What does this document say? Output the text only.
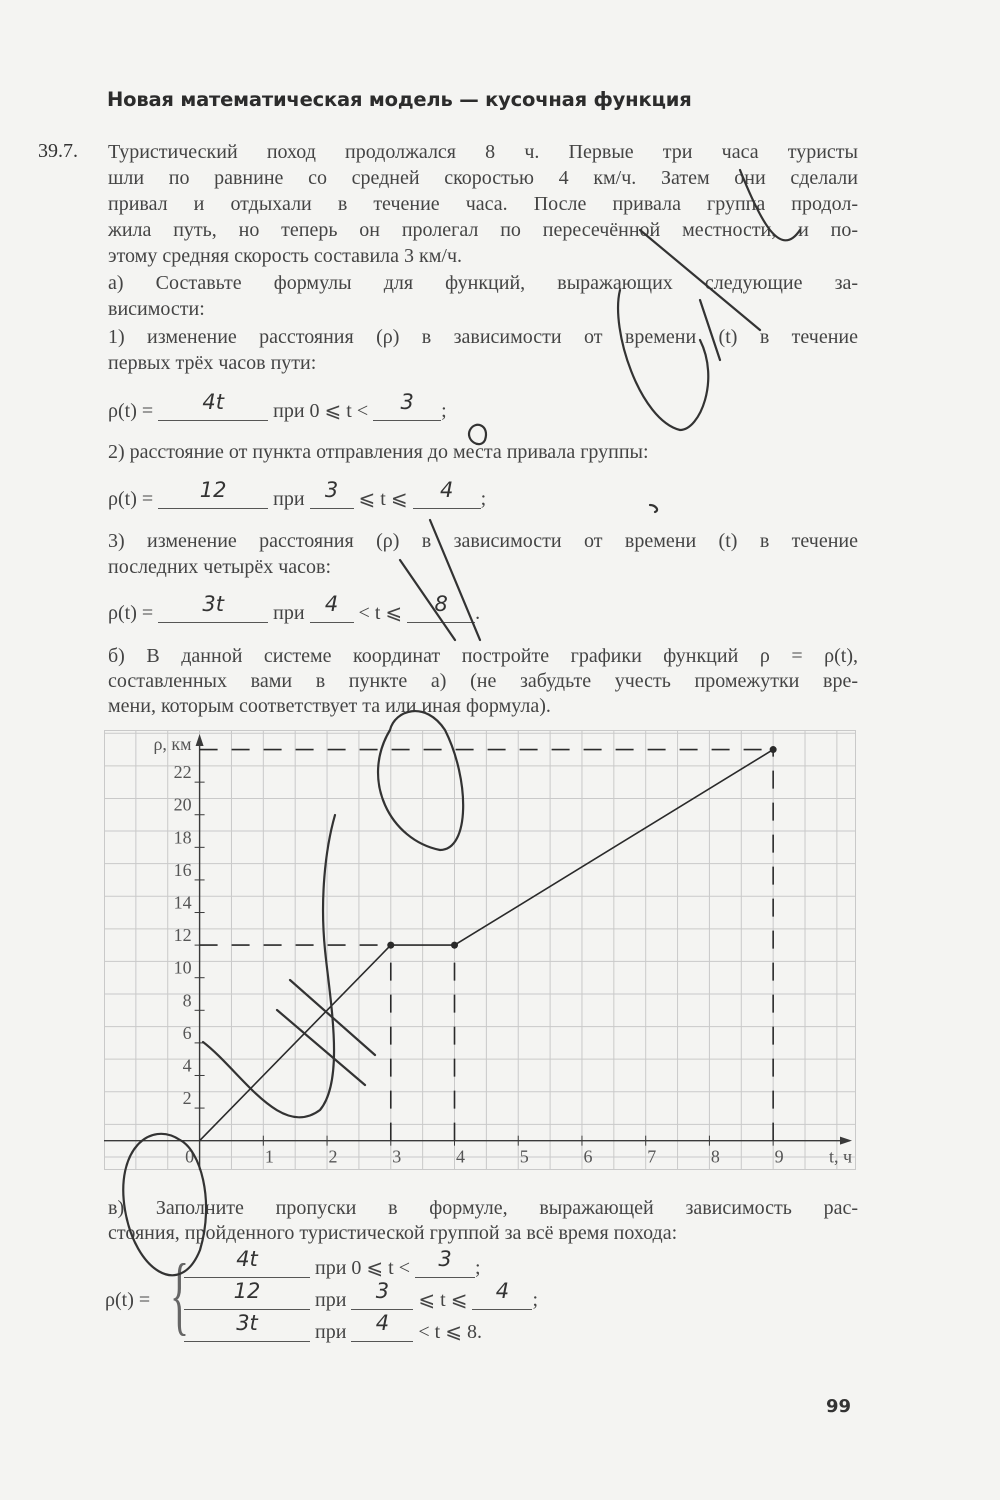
Новая математическая модель — кусочная функция
39.7. Туристический поход продолжался 8 ч. Первые три часа туристы
шли по равнине со средней скоростью 4 км/ч. Затем они сделали
привал и отдыхали в течение часа. После привала группа продол-
жила путь, но теперь он пролегал по пересечённой местности, и по-
этому средняя скорость составила 3 км/ч.
а) Составьте формулы для функций, выражающих следующие за-
висимости:
1) изменение расстояния (ρ) в зависимости от времени (t) в течение
первых трёх часов пути:
ρ(t) = 4t при 0 ⩽ t < 3 ;
2) расстояние от пункта отправления до места привала группы:
ρ(t) = 12 при 3 ⩽ t ⩽ 4 ;
3) изменение расстояния (ρ) в зависимости от времени (t) в течение
последних четырёх часов:
ρ(t) = 3t при 4 < t ⩽ 8 .
б) В данной системе координат постройте графики функций ρ = ρ(t),
составленных вами в пункте а) (не забудьте учесть промежутки вре-
мени, которым соответствует та или иная формула).
1	2	3	4	5	6	7	8	9
2
4
6
8
10
12
14
16
18
20
22
0
ρ, км
t, ч
в) Заполните пропуски в формуле, выражающей зависимость рас-
стояния, пройденного туристической группой за всё время похода:
ρ(t) = {	4t	при 0 ⩽ t < 3 ;
12	при 3 ⩽ t ⩽ 4 ;
3t	при 4 < t ⩽ 8.
99
